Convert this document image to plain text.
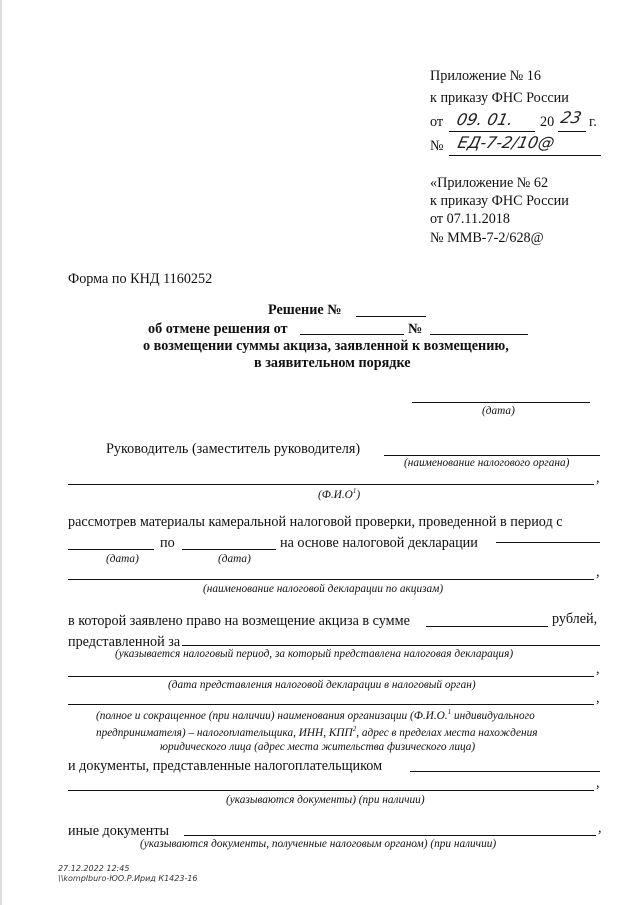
Приложение № 16
к приказу ФНС России
от 09. 01. 20 23 г.
№ ЕД-7-2/10@
«Приложение № 62
к приказу ФНС России
от 07.11.2018
№ ММВ-7-2/628@
Форма по КНД 1160252
Решение №
об отмене решения от	№
о возмещении суммы акциза, заявленной к возмещению,
в заявительном порядке
(дата)
Руководитель (заместитель руководителя)
(наименование налогового органа)
,
$(Ф.И.О^1)$
рассмотрев материалы камеральной налоговой проверки, проведенной в период с
по	на основе налоговой декларации
(дата)	(дата)
,
(наименование налоговой декларации по акцизам)
в которой заявлено право на возмещение акциза в сумме	рублей,
представленной за
(указывается налоговый период, за который представлена налоговая декларация)
,
(дата представления налоговой декларации в налоговый орган)
,
(полное и сокращенное (при наличии) наименования организации (Ф.И.О.$^1$ индивидуального
предпринимателя) – налогоплательщика, ИНН, КПП$^2$, адрес в пределах места нахождения
юридического лица (адрес места жительства физического лица)
и документы, представленные налогоплательщиком
,
(указываются документы) (при наличии)
иные документы	,
(указываются документы, полученные налоговым органом) (при наличии)
27.12.2022 12:45
\\komplburo-ЮО.Р.Ирид К1423-16
